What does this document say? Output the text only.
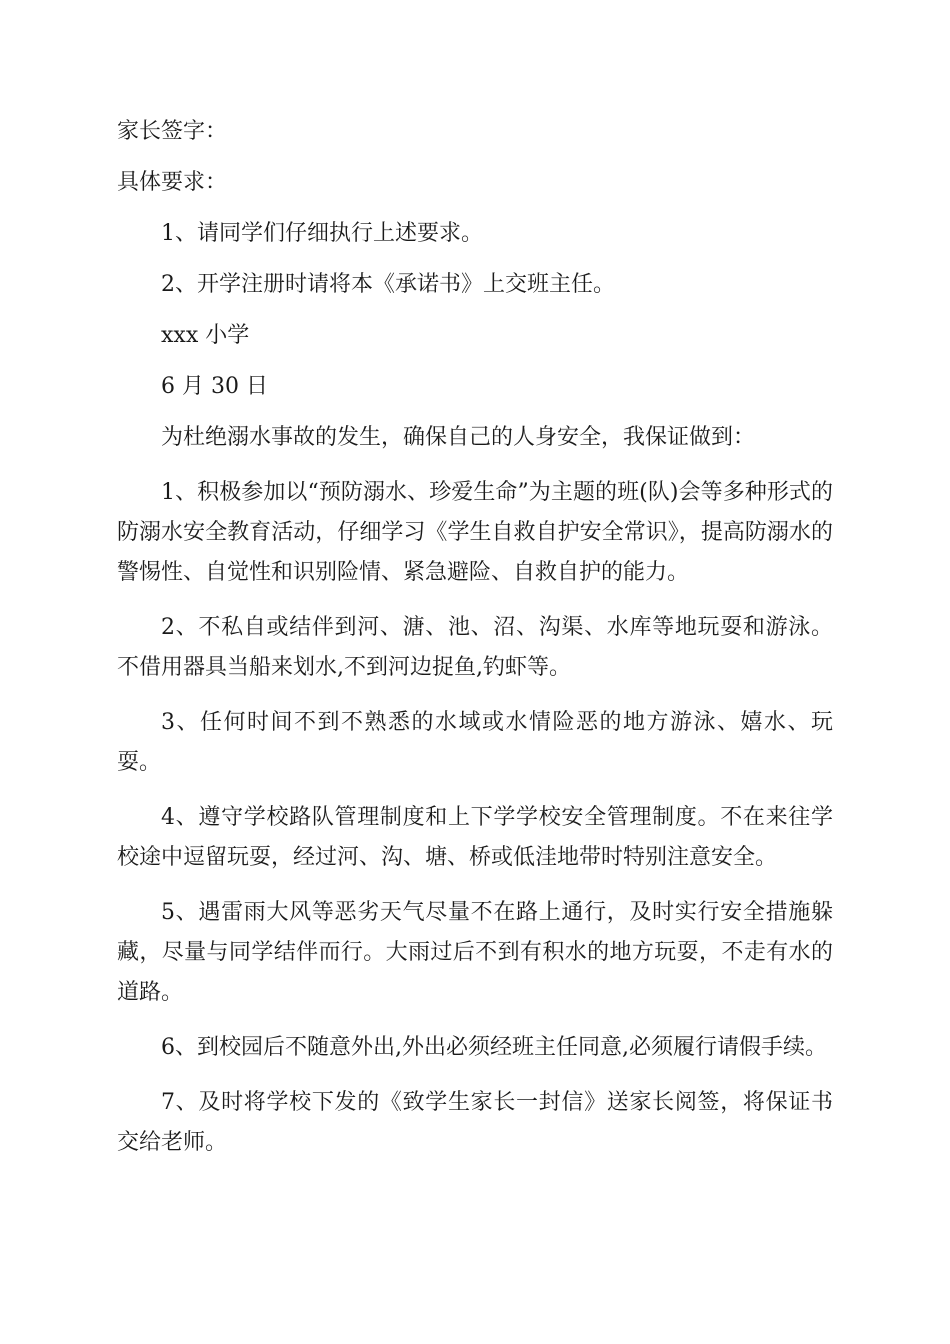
家长签字：

具体要求：

1、请同学们仔细执行上述要求。

2、开学注册时请将本《承诺书》上交班主任。

xxx 小学

6 月 30 日

为杜绝溺水事故的发生，确保自己的人身安全，我保证做到：

1、积极参加以“预防溺水、珍爱生命”为主题的班(队)会等多种形式的防溺水安全教育活动，仔细学习《学生自救自护安全常识》，提高防溺水的警惕性、自觉性和识别险情、紧急避险、自救自护的能力。

2、不私自或结伴到河、溏、池、沼、沟渠、水库等地玩耍和游泳。不借用器具当船来划水,不到河边捉鱼,钓虾等。

3、任何时间不到不熟悉的水域或水情险恶的地方游泳、嬉水、玩耍。

4、遵守学校路队管理制度和上下学学校安全管理制度。不在来往学校途中逗留玩耍，经过河、沟、塘、桥或低洼地带时特别注意安全。

5、遇雷雨大风等恶劣天气尽量不在路上通行，及时实行安全措施躲藏，尽量与同学结伴而行。大雨过后不到有积水的地方玩耍，不走有水的道路。

6、到校园后不随意外出,外出必须经班主任同意,必须履行请假手续。

7、及时将学校下发的《致学生家长一封信》送家长阅签，将保证书交给老师。
